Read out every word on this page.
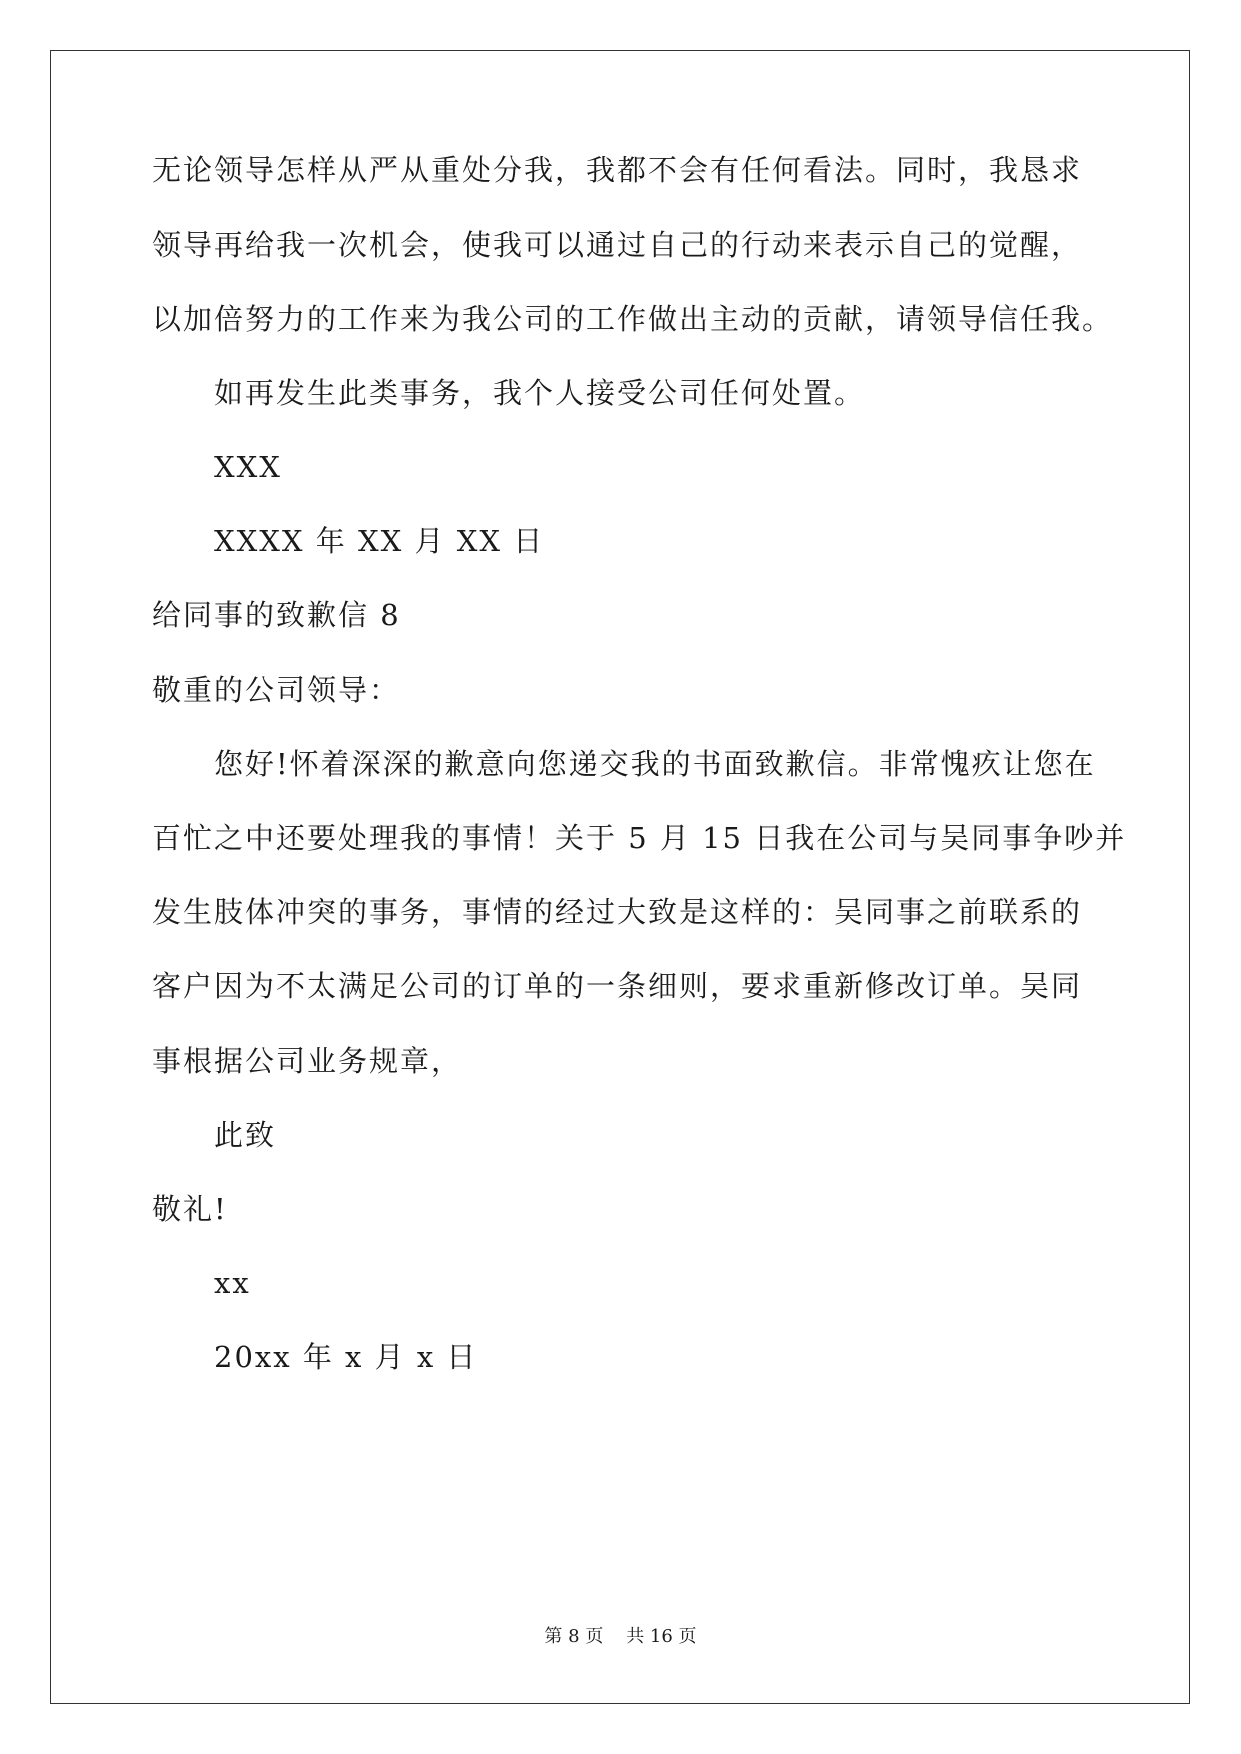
无论领导怎样从严从重处分我，我都不会有任何看法。同时，我恳求
领导再给我一次机会，使我可以通过自己的行动来表示自己的觉醒，
以加倍努力的工作来为我公司的工作做出主动的贡献，请领导信任我。
如再发生此类事务，我个人接受公司任何处置。
XXX
XXXX 年 XX 月 XX 日
给同事的致歉信 8
敬重的公司领导：
您好!怀着深深的歉意向您递交我的书面致歉信。非常愧疚让您在
百忙之中还要处理我的事情！关于 5 月 15 日我在公司与吴同事争吵并
发生肢体冲突的事务，事情的经过大致是这样的：吴同事之前联系的
客户因为不太满足公司的订单的一条细则，要求重新修改订单。吴同
事根据公司业务规章，
此致
敬礼!
xx
20xx 年 x 月 x 日
第 8 页    共 16 页
